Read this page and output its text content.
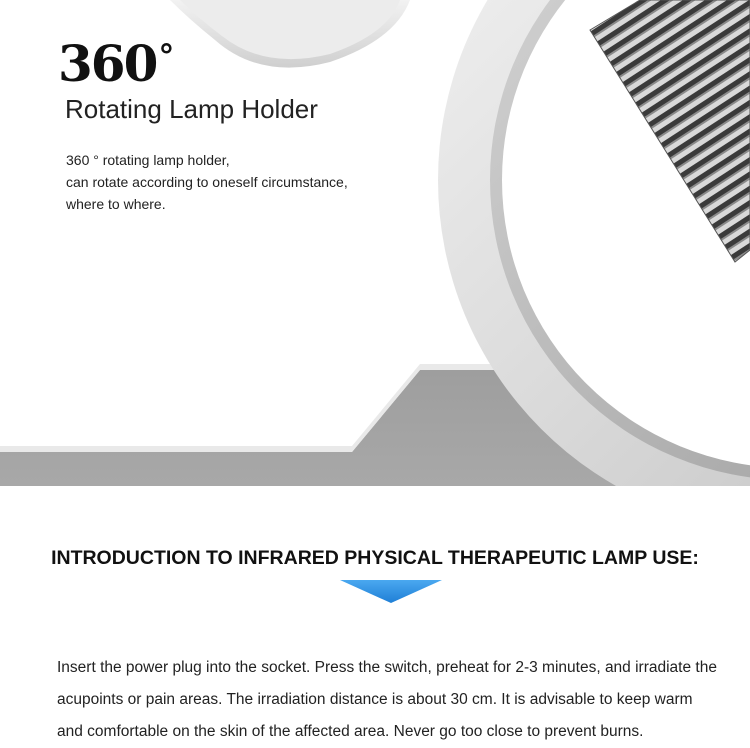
360°
Rotating Lamp Holder
360 ° rotating lamp holder,
can rotate according to oneself circumstance,
where to where.
INTRODUCTION TO INFRARED PHYSICAL THERAPEUTIC LAMP USE:
Insert the power plug into the socket. Press the switch, preheat for 2-3 minutes, and irradiate the acupoints or pain areas. The irradiation distance is about 30 cm. It is advisable to keep warm and comfortable on the skin of the affected area. Never go too close to prevent burns.
